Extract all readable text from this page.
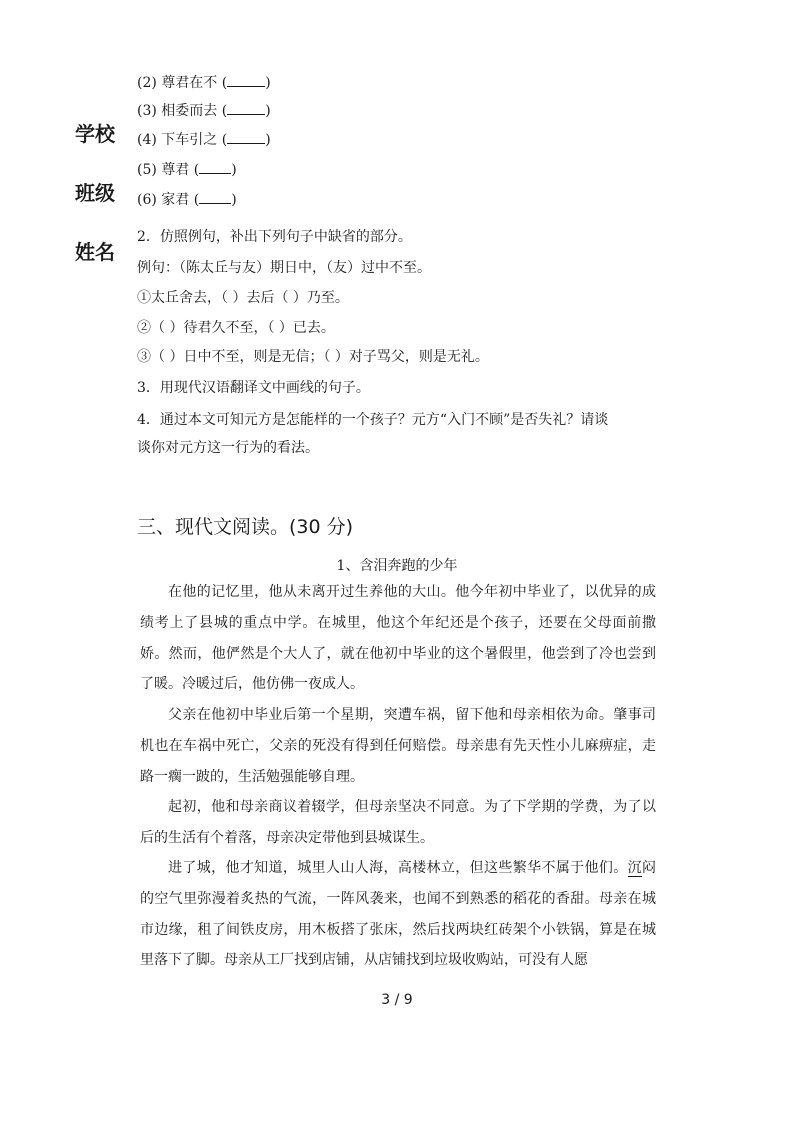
学校
班级
姓名
(2) 尊君在不 (	)
(3) 相委而去 (	)
(4) 下车引之 (	)
(5) 尊君 ( )
(6) 家君 ( )
2．仿照例句，补出下列句子中缺省的部分。
例句：（陈太丘与友）期日中，（友）过中不至。
①太丘舍去，（ ）去后（ ）乃至。
②（ ）待君久不至，（ ）已去。
③（ ）日中不至，则是无信；（ ）对子骂父，则是无礼。
3．用现代汉语翻译文中画线的句子。
4．通过本文可知元方是怎能样的一个孩子？元方“入门不顾”是否失礼？请谈
谈你对元方这一行为的看法。
三、现代文阅读。(30 分)
1、含泪奔跑的少年

在他的记忆里，他从未离开过生养他的大山。他今年初中毕业了，以优异的成绩考上了县城的重点中学。在城里，他这个年纪还是个孩子，还要在父母面前撒娇。然而，他俨然是个大人了，就在他初中毕业的这个暑假里，他尝到了冷也尝到了暖。冷暖过后，他仿佛一夜成人。

父亲在他初中毕业后第一个星期，突遭车祸，留下他和母亲相依为命。肇事司机也在车祸中死亡，父亲的死没有得到任何赔偿。母亲患有先天性小儿麻痹症，走路一瘸一跛的，生活勉强能够自理。

起初，他和母亲商议着辍学，但母亲坚决不同意。为了下学期的学费，为了以后的生活有个着落，母亲决定带他到县城谋生。

进了城，他才知道，城里人山人海，高楼林立，但这些繁华不属于他们。沉闷的空气里弥漫着炙热的气流，一阵风袭来，也闻不到熟悉的稻花的香甜。母亲在城市边缘，租了间铁皮房，用木板搭了张床，然后找两块红砖架个小铁锅，算是在城里落下了脚。母亲从工厂找到店铺，从店铺找到垃圾收购站，可没有人愿

3 / 9
